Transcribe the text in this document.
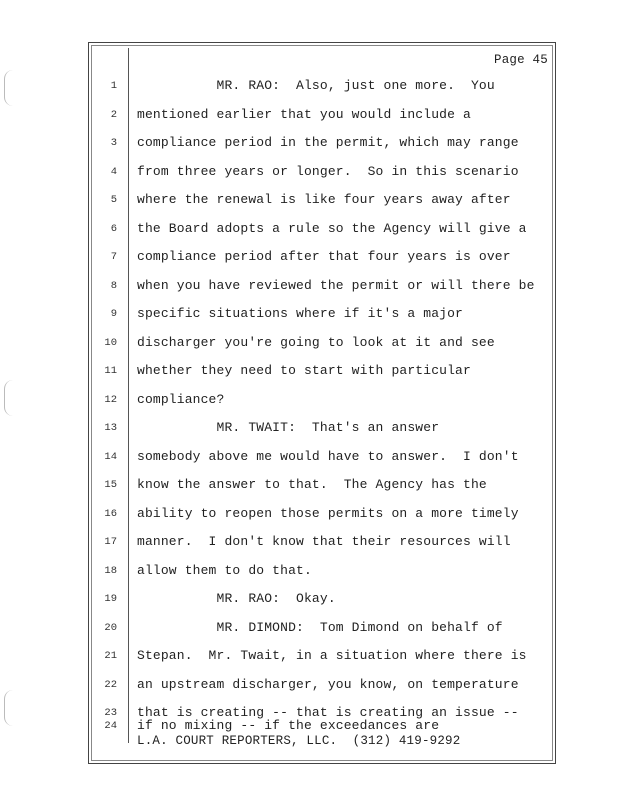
Page 45
1 MR. RAO:  Also, just one more.  You
2 mentioned earlier that you would include a
3 compliance period in the permit, which may range
4 from three years or longer.  So in this scenario
5 where the renewal is like four years away after
6 the Board adopts a rule so the Agency will give a
7 compliance period after that four years is over
8 when you have reviewed the permit or will there be
9 specific situations where if it's a major
10 discharger you're going to look at it and see
11 whether they need to start with particular
12 compliance?
13 MR. TWAIT:  That's an answer
14 somebody above me would have to answer.  I don't
15 know the answer to that.  The Agency has the
16 ability to reopen those permits on a more timely
17 manner.  I don't know that their resources will
18 allow them to do that.
19 MR. RAO:  Okay.
20 MR. DIMOND:  Tom Dimond on behalf of
21 Stepan.  Mr. Twait, in a situation where there is
22 an upstream discharger, you know, on temperature
23 that is creating -- that is creating an issue --
24 if no mixing -- if the exceedances are
L.A. COURT REPORTERS, LLC.  (312) 419-9292
